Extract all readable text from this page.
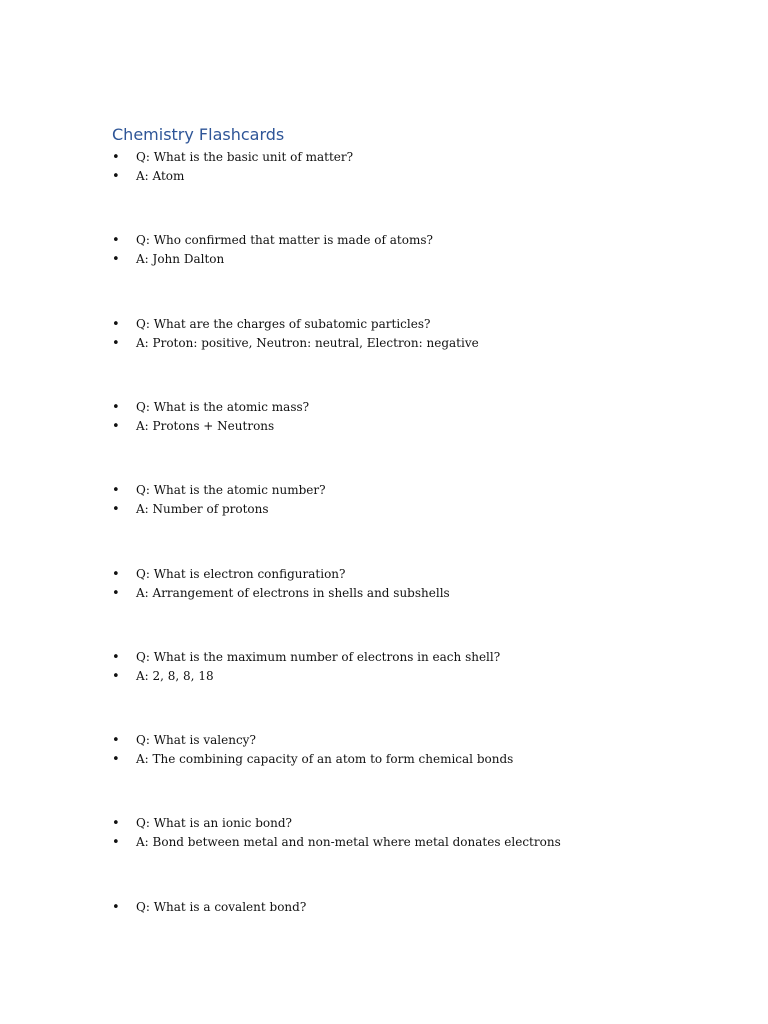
Chemistry Flashcards
• Q: What is the basic unit of matter?
• A: Atom
• Q: Who confirmed that matter is made of atoms?
• A: John Dalton
• Q: What are the charges of subatomic particles?
• A: Proton: positive, Neutron: neutral, Electron: negative
• Q: What is the atomic mass?
• A: Protons + Neutrons
• Q: What is the atomic number?
• A: Number of protons
• Q: What is electron configuration?
• A: Arrangement of electrons in shells and subshells
• Q: What is the maximum number of electrons in each shell?
• A: 2, 8, 8, 18
• Q: What is valency?
• A: The combining capacity of an atom to form chemical bonds
• Q: What is an ionic bond?
• A: Bond between metal and non-metal where metal donates electrons
• Q: What is a covalent bond?
